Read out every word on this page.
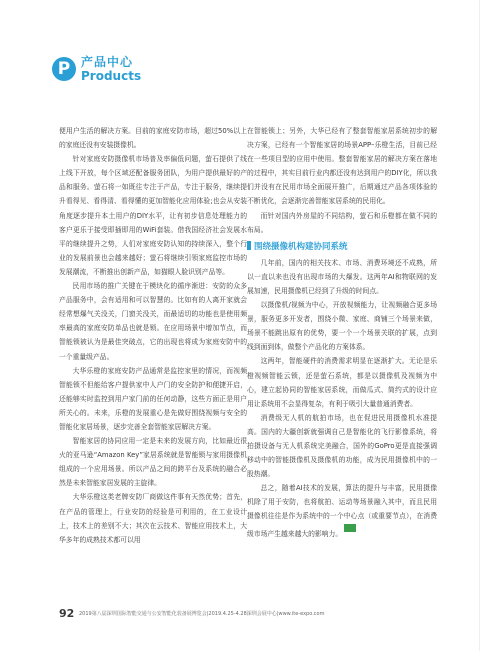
P 产品中心
Products

便用户生活的解决方案。目前的家庭安防市场，超过50%以上的家庭还没有安装摄像机。

针对家庭安防摄像机市场普及率偏低问题，萤石提供了线上线下开放，每个区域还配备服务团队，为用户提供最好的产品和服务。萤石将一如既往专注于产品，专注于服务，继续提升看得见、看得清、看得懂的更加智能化应用体验;也会从安装角度逐步提升本土用户的DIY水平，让有初步信息处理能力的客户更乐于接受即插即用的WiFi套装。借我国经济社会发展水平的继续提升之势，人们对家庭安防认知的持续深入，整个行业的发展前景也会越来越好；萤石将继续引领家庭监控市场的发展潮流，不断推出创新产品，如猫眼人脸识别产品等。

民用市场的推广关键在于模块化的循序渐进：安防的众多产品服务中，会有适用和可以智慧的。比如有的人离开家就会经常想爆气关没关，门窗关没关，而最适切的功能也是使用频率最高的家庭安防单品也就是锁。在应用场景中增加节点，而智能锁被认为是最佳突破点，它的出现也将成为家庭安防中的一个重量级产品。

大华乐橙的家庭安防产品通常是监控家里的情况，而视频智能锁不但能给客户提供家中人户门的安全防护和便捷开启，还能够实时监控到用户家门前的任何动静，这些方面正是用户所关心的。未来，乐橙的发展重心是先做好围绕视频与安全的智能化家居场景，逐步完善全套智能家居解决方案。

智能家居的协同应用一定是未来的发展方向，比如最近很火的亚马逊“Amazon Key”家居系统就是智能锁与家用摄像机组成的一个应用场景。所以产品之间的跨平台及系统的融合必然是未来智能家居发展的主旋律。

大华乐橙这类老牌安防厂商做这件事有天然优势；首先，在产品的管理上，行业安防的经验是可利用的，在工业设计上，技术上的差别不大；其次在云技术、智能应用技术上，大华多年的成熟技术都可以用

在智能锁上；另外，大华已经有了整套智能家居系统初步的解决方案，已经有一个智能家居的场景APP–乐橙生活，目前已经在一些项目型的应用中使用。整套智能家居的解决方案在落地的过程中，其实目前行业内都还没有达到用户的DIY化，所以我们并没有在民用市场全面展开推广，后期通过产品各项体验的不断优化，会逐渐完善智能家居系统的民用化。

而针对国内外房屋的不同结构，萤石和乐橙都在做不同的布局。

围绕摄像机构建协同系统

几年前，国内的相关技术、市场、消费环境还不成熟，所以一直以来也没有出现市场的大爆发。这两年AI和物联网的发展加速，民用摄像机已经到了升级的时间点。

以摄像机/视频为中心，开放视频能力，让视频融合更多场景，服务更多开发者，围绕小微、家庭、商铺三个场景来做，场景不能跳出原有的优势，要一个一个场景关联的扩展，点到线到面到体，做整个产品化的方案体系。

这两年，智能硬件的消费需求明显在逐渐扩大。无论是乐橙视频智能云锁，还是萤石系统，都是以摄像机及视频为中心，建立起协同的智能家居系统，而做瓜式、简约式的设计应用让系统用不会显得复杂，有利于吸引大量普通消费者。

消费级无人机的航拍市场，也在促进民用摄像机水准提高。国内的大疆创新就强调自己是智能化的飞行影像系统，将拍摄设备与无人机系统完美融合，国外的GoPro更是直接强调移动中的智能摄像机及摄像机的功能，成为民用摄像机中的一股热潮。

总之，随着AI技术的发展，算法的提升与丰富，民用摄像机除了用于安防，也将航拍、运动等场景融入其中，而且民用摄像机往往是作为系统中的一个中心点（或重要节点），在消费级市场产生越来越大的影响力。OTS

92 2019第八届深圳国际智能交通与公安智能化装备展博览会|2019.4.25-4.28深圳会展中心|www.ite-expo.com
